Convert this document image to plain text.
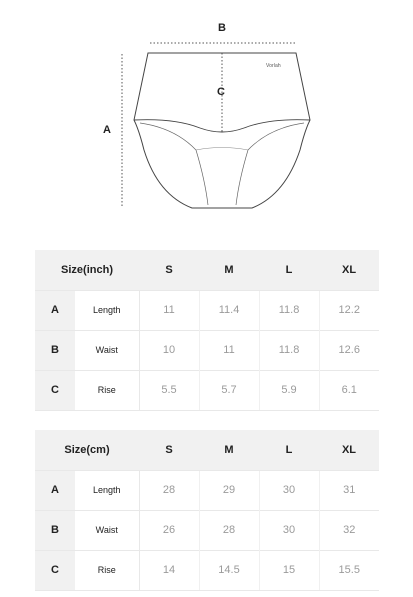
B
A
C
Vorlah
Size(inch)		S	M	L	XL
A	Length	11	11.4	11.8	12.2
B	Waist	10	11	11.8	12.6
C	Rise	5.5	5.7	5.9	6.1
Size(cm)		S	M	L	XL
A	Length	28	29	30	31
B	Waist	26	28	30	32
C	Rise	14	14.5	15	15.5
